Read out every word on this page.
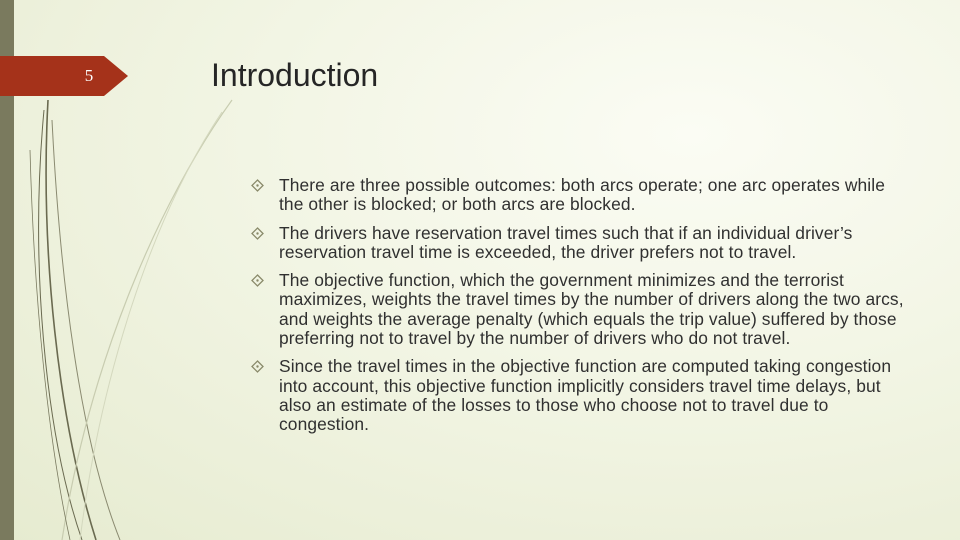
5	Introduction
There are three possible outcomes: both arcs operate; one arc operates while the other is blocked; or both arcs are blocked.
The drivers have reservation travel times such that if an individual driver’s reservation travel time is exceeded, the driver prefers not to travel.
The objective function, which the government minimizes and the terrorist maximizes, weights the travel times by the number of drivers along the two arcs, and weights the average penalty (which equals the trip value) suffered by those preferring not to travel by the number of drivers who do not travel.
Since the travel times in the objective function are computed taking congestion into account, this objective function implicitly considers travel time delays, but also an estimate of the losses to those who choose not to travel due to congestion.
